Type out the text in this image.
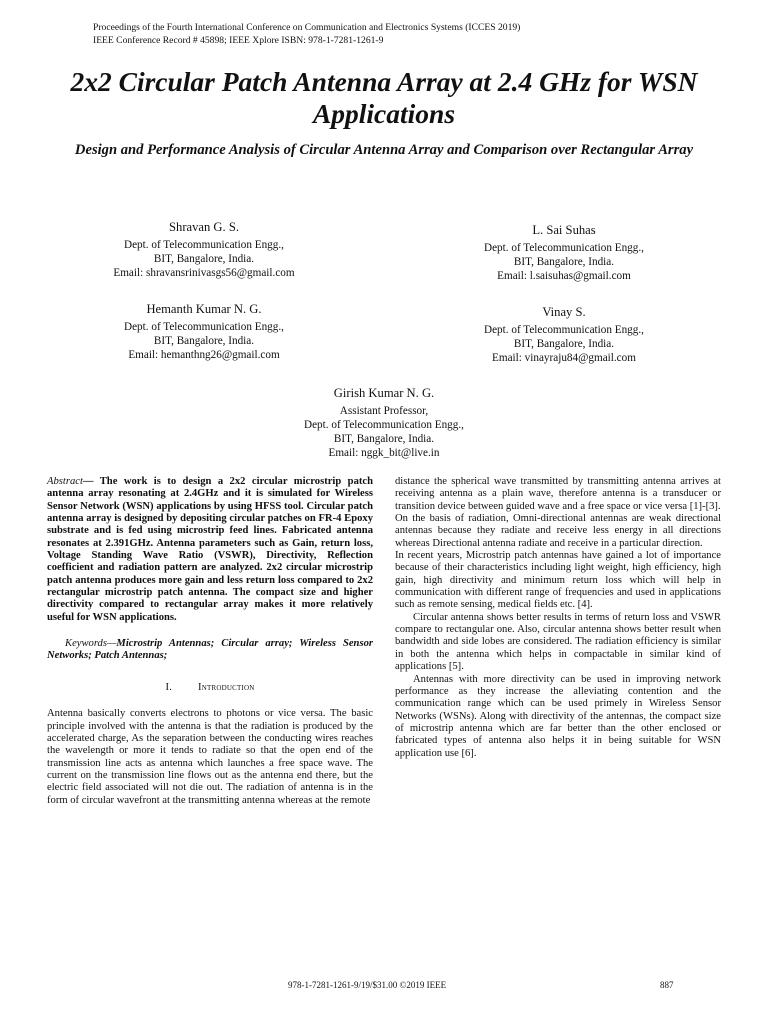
Proceedings of the Fourth International Conference on Communication and Electronics Systems (ICCES 2019)
IEEE Conference Record # 45898; IEEE Xplore ISBN: 978-1-7281-1261-9
2x2 Circular Patch Antenna Array at 2.4 GHz for WSN Applications
Design and Performance Analysis of Circular Antenna Array and Comparison over Rectangular Array
Shravan G. S.
Dept. of Telecommunication Engg.,
BIT, Bangalore, India.
Email: shravansrinivasgs56@gmail.com
L. Sai Suhas
Dept. of Telecommunication Engg.,
BIT, Bangalore, India.
Email: l.saisuhas@gmail.com
Hemanth Kumar N. G.
Dept. of Telecommunication Engg.,
BIT, Bangalore, India.
Email: hemanthng26@gmail.com
Vinay S.
Dept. of Telecommunication Engg.,
BIT, Bangalore, India.
Email: vinayraju84@gmail.com
Girish Kumar N. G.
Assistant Professor,
Dept. of Telecommunication Engg.,
BIT, Bangalore, India.
Email: nggk_bit@live.in

Abstract— The work is to design a 2x2 circular microstrip patch antenna array resonating at 2.4GHz and it is simulated for Wireless Sensor Network (WSN) applications by using HFSS tool. Circular patch antenna array is designed by depositing circular patches on FR-4 Epoxy substrate and is fed using microstrip feed lines. Fabricated antenna resonates at 2.391GHz. Antenna parameters such as Gain, return loss, Voltage Standing Wave Ratio (VSWR), Directivity, Reflection coefficient and radiation pattern are analyzed. 2x2 circular microstrip patch antenna produces more gain and less return loss compared to 2x2 rectangular microstrip patch antenna. The compact size and higher directivity compared to rectangular array makes it more relatively useful for WSN applications.

Keywords—Microstrip Antennas; Circular array; Wireless Sensor Networks; Patch Antennas;

I. Introduction

Antenna basically converts electrons to photons or vice versa. The basic principle involved with the antenna is that the radiation is produced by the accelerated charge, As the separation between the conducting wires reaches the wavelength or more it tends to radiate so that the open end of the transmission line acts as antenna which launches a free space wave. The current on the transmission line flows out as the antenna end there, but the electric field associated will not die out. The radiation of antenna is in the form of circular wavefront at the transmitting antenna whereas at the remote

distance the spherical wave transmitted by transmitting antenna arrives at receiving antenna as a plain wave, therefore antenna is a transducer or transition device between guided wave and a free space or vice versa [1]-[3].

On the basis of radiation, Omni-directional antennas are weak directional antennas because they radiate and receive less energy in all directions whereas Directional antenna radiate and receive in a particular direction.

In recent years, Microstrip patch antennas have gained a lot of importance because of their characteristics including light weight, high efficiency, high gain, high directivity and minimum return loss which will help in communication with different range of frequencies and used in applications such as remote sensing, medical fields etc. [4].

Circular antenna shows better results in terms of return loss and VSWR compare to rectangular one. Also, circular antenna shows better result when bandwidth and side lobes are considered. The radiation efficiency is similar in both the antenna which helps in compactable in similar kind of applications [5].

Antennas with more directivity can be used in improving network performance as they increase the alleviating contention and the communication range which can be used primely in Wireless Sensor Networks (WSNs). Along with directivity of the antennas, the compact size of microstrip antenna which are far better than the other enclosed or fabricated types of antenna also helps it in being suitable for WSN application use [6].

978-1-7281-1261-9/19/$31.00 ©2019 IEEE	887
